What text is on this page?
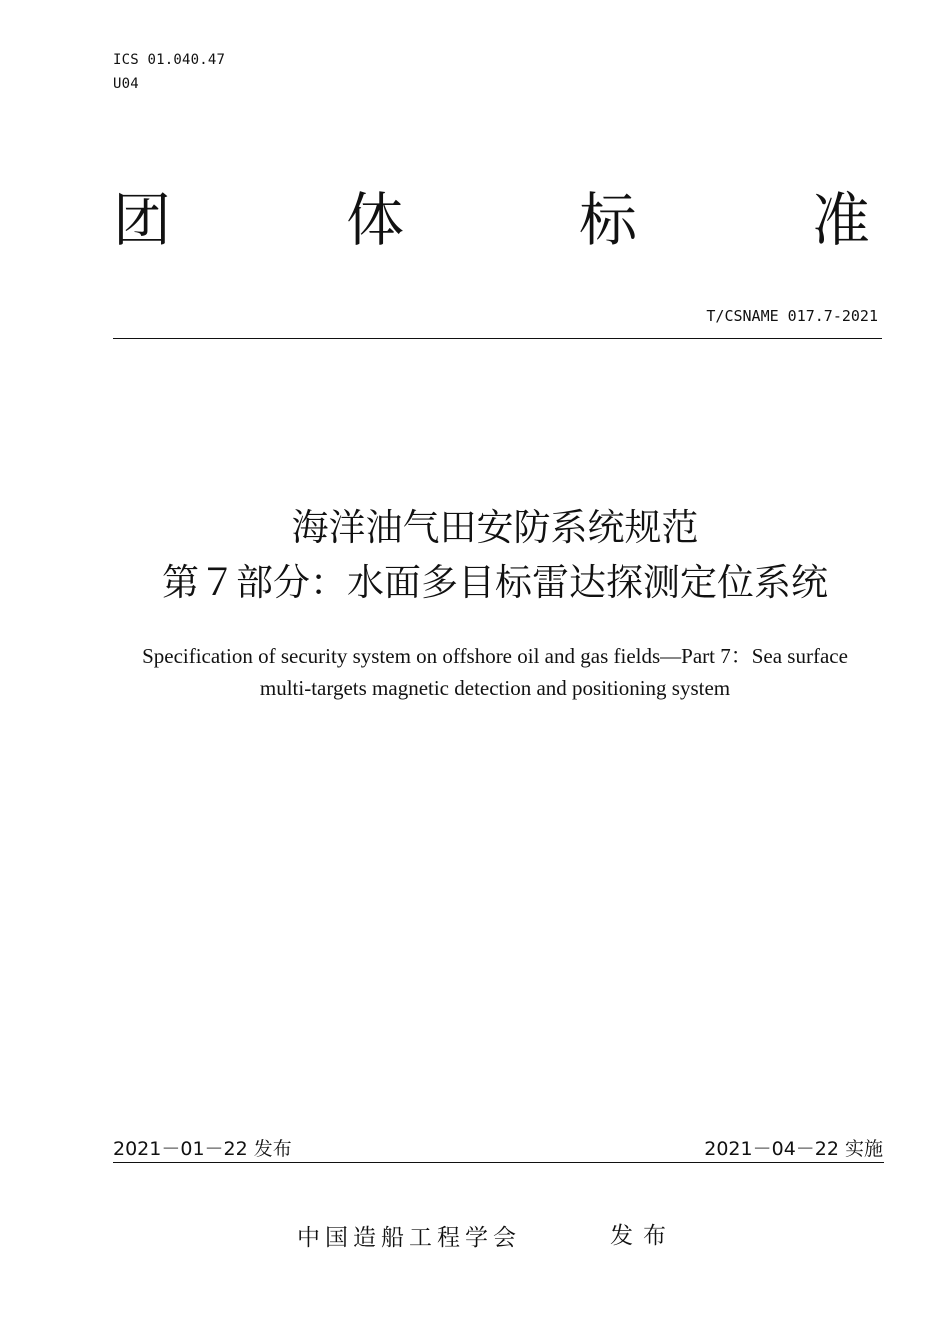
ICS 01.040.47
U04
团	体	标	准
T/CSNAME 017.7-2021
海洋油气田安防系统规范
第７部分：水面多目标雷达探测定位系统
Specification of security system on offshore oil and gas fields—Part 7：Sea surface
multi-targets magnetic detection and positioning system
2021－01－22 发布	2021－04－22 实施
中国造船工程学会	发布
